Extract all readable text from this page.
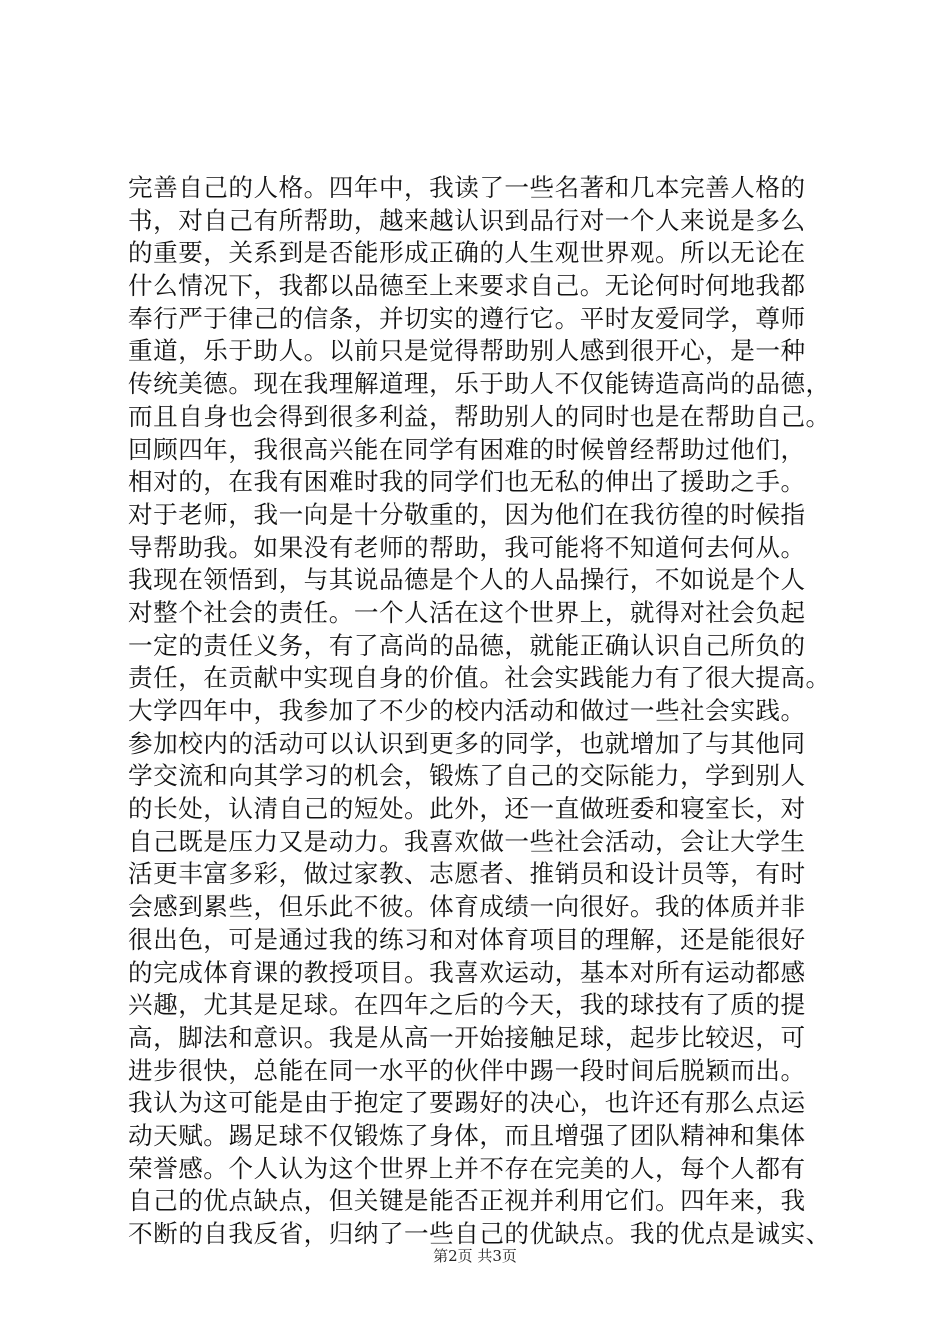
完善自己的人格。四年中，我读了一些名著和几本完善人格的
书，对自己有所帮助，越来越认识到品行对一个人来说是多么
的重要，关系到是否能形成正确的人生观世界观。所以无论在
什么情况下，我都以品德至上来要求自己。无论何时何地我都
奉行严于律己的信条，并切实的遵行它。平时友爱同学，尊师
重道，乐于助人。以前只是觉得帮助别人感到很开心，是一种
传统美德。现在我理解道理，乐于助人不仅能铸造高尚的品德，
而且自身也会得到很多利益，帮助别人的同时也是在帮助自己。
回顾四年，我很高兴能在同学有困难的时候曾经帮助过他们，
相对的，在我有困难时我的同学们也无私的伸出了援助之手。
对于老师，我一向是十分敬重的，因为他们在我彷徨的时候指
导帮助我。如果没有老师的帮助，我可能将不知道何去何从。
我现在领悟到，与其说品德是个人的人品操行，不如说是个人
对整个社会的责任。一个人活在这个世界上，就得对社会负起
一定的责任义务，有了高尚的品德，就能正确认识自己所负的
责任，在贡献中实现自身的价值。社会实践能力有了很大提高。
大学四年中，我参加了不少的校内活动和做过一些社会实践。
参加校内的活动可以认识到更多的同学，也就增加了与其他同
学交流和向其学习的机会，锻炼了自己的交际能力，学到别人
的长处，认清自己的短处。此外，还一直做班委和寝室长，对
自己既是压力又是动力。我喜欢做一些社会活动，会让大学生
活更丰富多彩，做过家教、志愿者、推销员和设计员等，有时
会感到累些，但乐此不彼。体育成绩一向很好。我的体质并非
很出色，可是通过我的练习和对体育项目的理解，还是能很好
的完成体育课的教授项目。我喜欢运动，基本对所有运动都感
兴趣，尤其是足球。在四年之后的今天，我的球技有了质的提
高，脚法和意识。我是从高一开始接触足球，起步比较迟，可
进步很快，总能在同一水平的伙伴中踢一段时间后脱颖而出。
我认为这可能是由于抱定了要踢好的决心，也许还有那么点运
动天赋。踢足球不仅锻炼了身体，而且增强了团队精神和集体
荣誉感。个人认为这个世界上并不存在完美的人，每个人都有
自己的优点缺点，但关键是能否正视并利用它们。四年来，我
不断的自我反省，归纳了一些自己的优缺点。我的优点是诚实、
第2页 共3页
